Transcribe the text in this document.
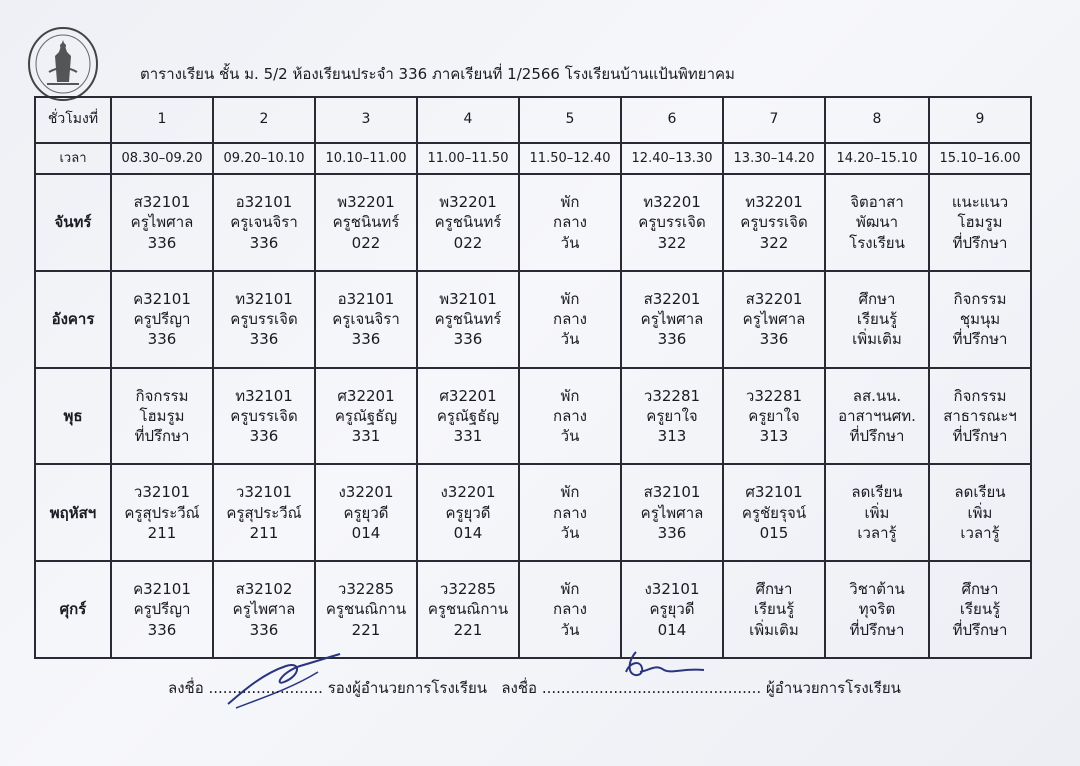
ตารางเรียน ชั้น ม. 5/2 ห้องเรียนประจำ 336 ภาคเรียนที่ 1/2566 โรงเรียนบ้านแป้นพิทยาคม
ชั่วโมงที่	1	2	3	4	5	6	7	8	9
เวลา	08.30–09.20	09.20–10.10	10.10–11.00	11.00–11.50	11.50–12.40	12.40–13.30	13.30–14.20	14.20–15.10	15.10–16.00
จันทร์	ส32101
ครูไพศาล
336	อ32101
ครูเจนจิรา
336	พ32201
ครูชนินทร์
022	พ32201
ครูชนินทร์
022	พัก
กลาง
วัน	ท32201
ครูบรรเจิด
322	ท32201
ครูบรรเจิด
322	จิตอาสา
พัฒนา
โรงเรียน	แนะแนว
โฮมรูม
ที่ปรึกษา

อังคาร	ค32101
ครูปรีญา
336	ท32101
ครูบรรเจิด
336	อ32101
ครูเจนจิรา
336	พ32101
ครูชนินทร์
336	พัก
กลาง
วัน	ส32201
ครูไพศาล
336	ส32201
ครูไพศาล
336	ศึกษา
เรียนรู้
เพิ่มเติม	กิจกรรม
ชุมนุม
ที่ปรึกษา

พุธ	กิจกรรม
โฮมรูม
ที่ปรึกษา	ท32101
ครูบรรเจิด
336	ศ32201
ครูณัฐธัญ
331	ศ32201
ครูณัฐธัญ
331	พัก
กลาง
วัน	ว32281
ครูยาใจ
313	ว32281
ครูยาใจ
313	ลส.นน.
อาสาฯนศท.
ที่ปรึกษา	กิจกรรม
สาธารณะฯ
ที่ปรึกษา

พฤหัสฯ	ว32101
ครูสุประวีณ์
211	ว32101
ครูสุประวีณ์
211	ง32201
ครูยุวดี
014	ง32201
ครูยุวดี
014	พัก
กลาง
วัน	ส32101
ครูไพศาล
336	ศ32101
ครูชัยรุจน์
015	ลดเรียน
เพิ่ม
เวลารู้	ลดเรียน
เพิ่ม
เวลารู้

ศุกร์	ค32101
ครูปรีญา
336	ส32102
ครูไพศาล
336	ว32285
ครูชนณิกาน
221	ว32285
ครูชนณิกาน
221	พัก
กลาง
วัน	ง32101
ครูยุวดี
014	ศึกษา
เรียนรู้
เพิ่มเติม	วิชาต้าน
ทุจริต
ที่ปรึกษา	ศึกษา
เรียนรู้
ที่ปรึกษา
ลงชื่อ ........................ รองผู้อำนวยการโรงเรียน ลงชื่อ .............................................. ผู้อำนวยการโรงเรียน
